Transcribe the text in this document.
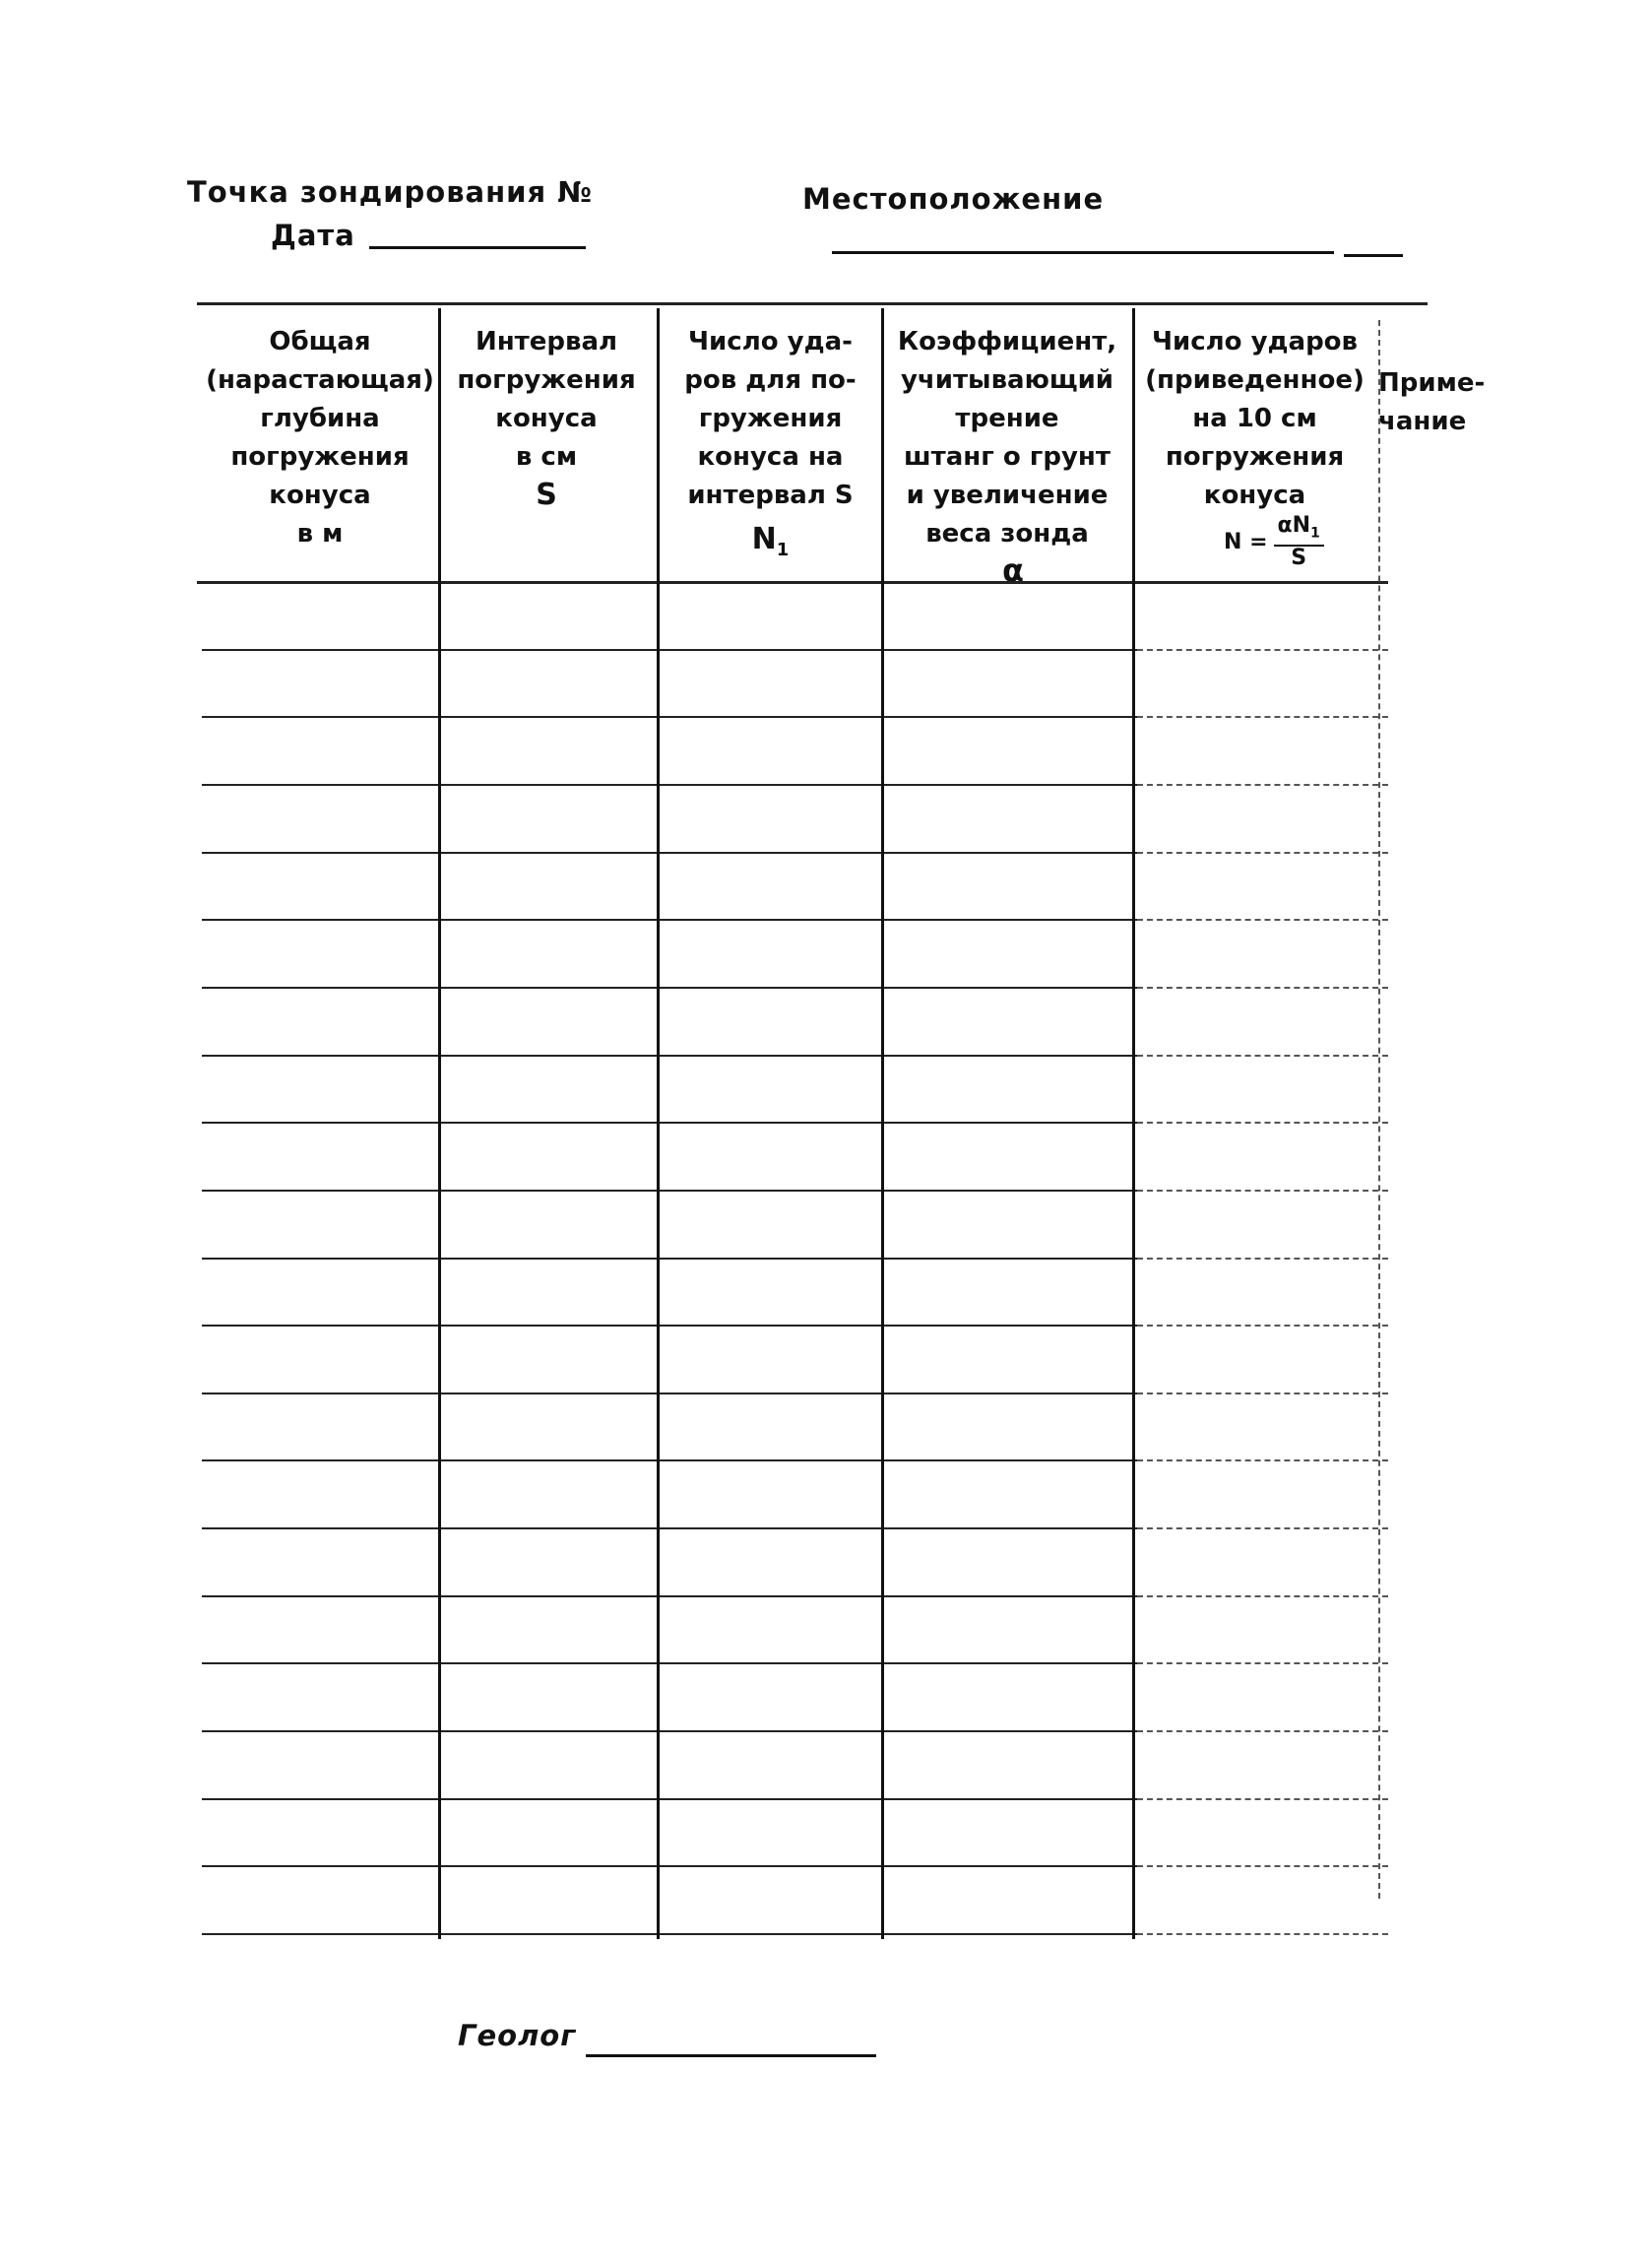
Точка зондирования №
Дата
Местоположение
Общая
(нарастающая)
глубина
погружения
конуса
в м
Интервал
погружения
конуса
в см
S
Число уда-
ров для по-
гружения
конуса на
интервал S
$N_1$
Коэффициент,
учитывающий
трение
штанг о грунт
и увеличение
веса зонда
α
Число ударов
(приведенное)
на 10 см
погружения
конуса
$N = \frac{\alpha N_1}{S}$
Приме-
чание
Геолог
